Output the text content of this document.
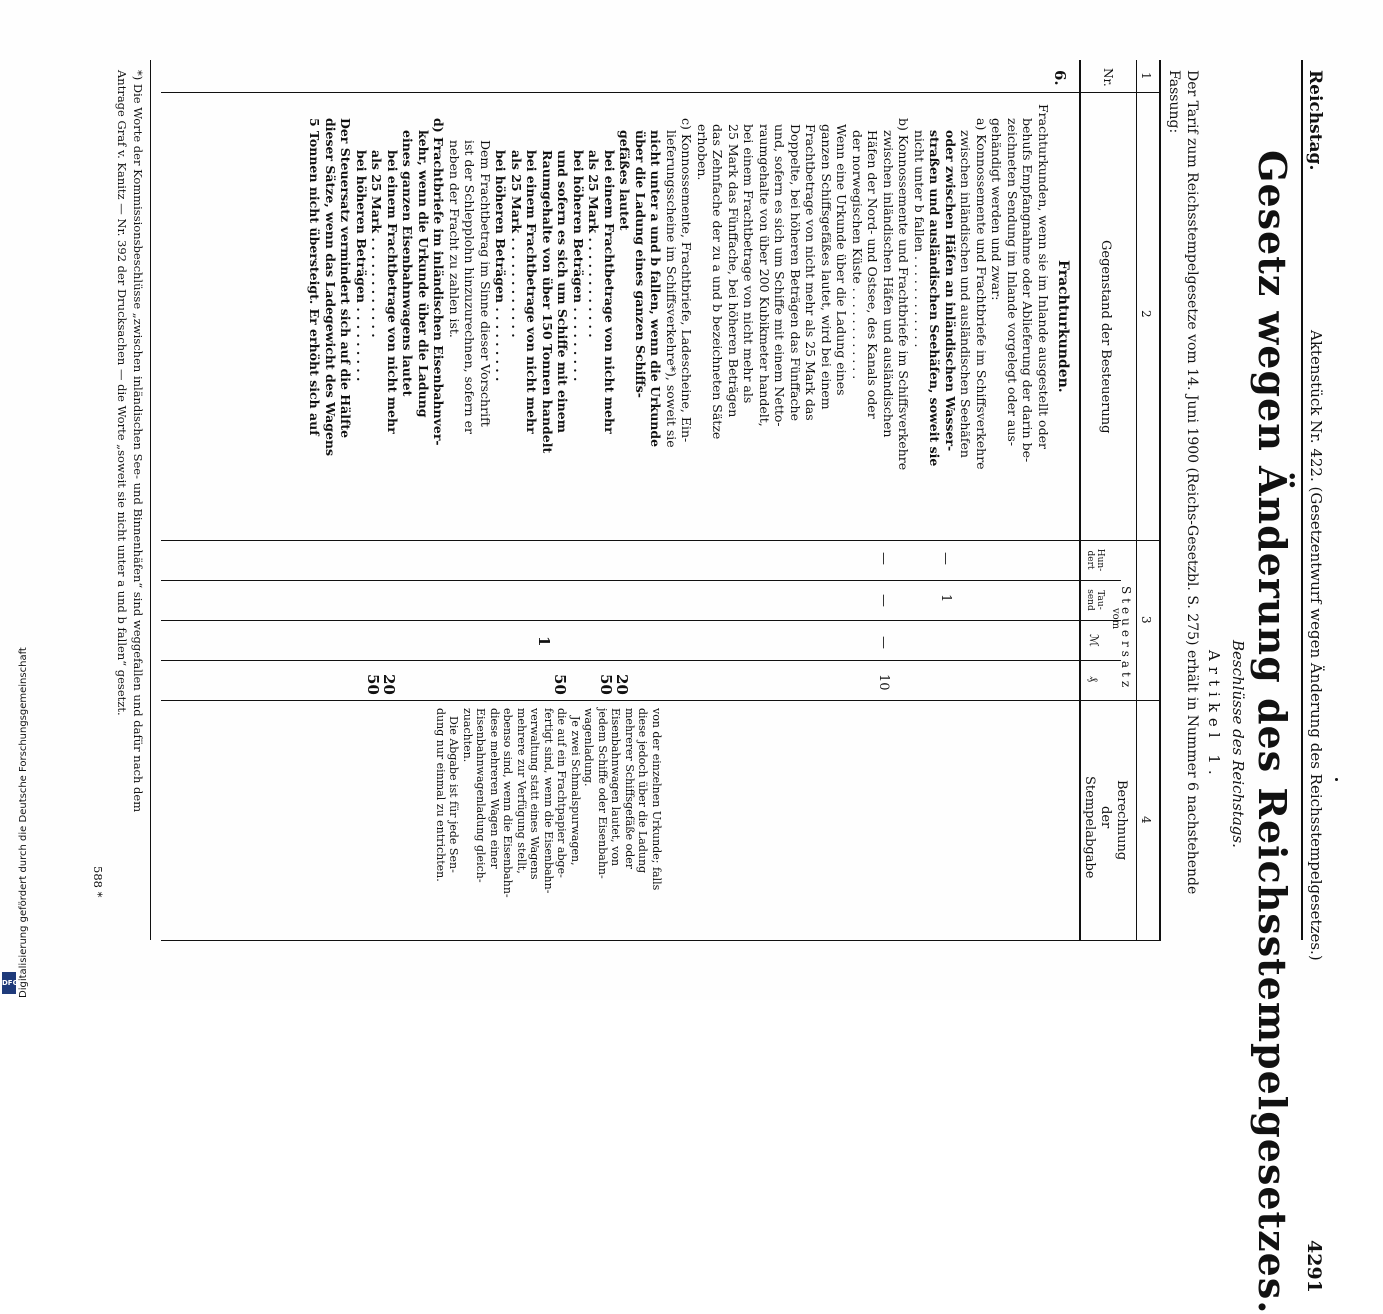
Digitalisierung gefördert durch die Deutsche Forschungsgemeinschaft
DFG
Reichstag.
Aktenstück Nr. 422. (Gesetzentwurf wegen Änderung des Reichsstempelgesetzes.)
4291
Gesetz wegen Änderung des Reichsstempelgesetzes.
Beschlüsse des Reichstags.
Artikel 1.
Der Tarif zum Reichsstempelgesetze vom 14. Juni 1900 (Reichs-Gesetzbl. S. 275) erhält in Nummer 6 nachstehende Fassung:
1
2
3
4
Nr.
Gegenstand der Besteuerung
Steuersatz
vom
Hun-dert
Tau-send
ℳ
₰
Berechnung
der
Stempelabgabe
6.
Frachturkunden.
Frachturkunden, wenn sie im Inlande ausgestellt oder
behufs Empfangnahme oder Ablieferung der darin be-
zeichneten Sendung im Inlande vorgelegt oder aus-
gehändigt werden und zwar:
a) Konnossemente und Frachtbriefe im Schiffsverkehre
zwischen inländischen und ausländischen Seehäfen
oder zwischen Häfen an inländischen Wasser-
straßen und ausländischen Seehäfen, soweit sie
nicht unter b fallen . . . . . . . . . . . .
b) Konnossemente und Frachtbriefe im Schiffsverkehre
zwischen inländischen Häfen und ausländischen
Häfen der Nord- und Ostsee, des Kanals oder
der norwegischen Küste . . . . . . . . . . . .
Wenn eine Urkunde über die Ladung eines
ganzen Schiffsgefäßes lautet, wird bei einem
Frachtbetrage von nicht mehr als 25 Mark das
Doppelte, bei höheren Beträgen das Fünffache
und, sofern es sich um Schiffe mit einem Netto-
raumgehalte von über 200 Kubikmeter handelt,
bei einem Frachtbetrage von nicht mehr als
25 Mark das Fünffache, bei höheren Beträgen
das Zehnfache der zu a und b bezeichneten Sätze
erhoben.
c) Konnossemente, Frachtbriefe, Ladescheine, Ein-
lieferungsscheine im Schiffsverkehre*), soweit sie
nicht unter a und b fallen, wenn die Urkunde
über die Ladung eines ganzen Schiffs-
gefäßes lautet
bei einem Frachtbetrage von nicht mehr
als 25 Mark . . . . . . . . . . . .
bei höheren Beträgen . . . . . . . . .
und sofern es sich um Schiffe mit einem
Raumgehalte von über 150 Tonnen handelt
bei einem Frachtbetrage von nicht mehr
als 25 Mark . . . . . . . . . . . .
bei höheren Beträgen . . . . . . . . .
Dem Frachtbetrag im Sinne dieser Vorschrift
ist der Schlepplohn hinzuzurechnen, sofern er
neben der Fracht zu zahlen ist.
d) Frachtbriefe im inländischen Eisenbahnver-
kehr, wenn die Urkunde über die Ladung
eines ganzen Eisenbahnwagens lautet
bei einem Frachtbetrage von nicht mehr
als 25 Mark . . . . . . . . . . . .
bei höheren Beträgen . . . . . . . . .
Der Steuersatz vermindert sich auf die Hälfte
dieser Sätze, wenn das Ladegewicht des Wagens
5 Tonnen nicht übersteigt. Er erhöht sich auf
—
1
—
—
—
10
20
50
50
1
20
50
von der einzelnen Urkunde; falls
diese jedoch über die Ladung
mehrerer Schiffsgefäße oder
Eisenbahnwagen lautet, von
jedem Schiffe oder Eisenbahn-
wagenladung.
Je zwei Schmalspurwagen,
die auf ein Frachtpapier abge-
fertigt sind, wenn die Eisenbahn-
verwaltung statt eines Wagens
mehrere zur Verfügung stellt,
ebenso sind, wenn die Eisenbahn-
diese mehreren Wagen einer
Eisenbahnwagenladung gleich-
zuachten.
Die Abgabe ist für jede Sen-
dung nur einmal zu entrichten.
*) Die Worte der Kommissionsbeschlüsse „zwischen inländischen See- und Binnenhäfen“ sind weggefallen und dafür nach dem
Antrage Graf v. Kanitz — Nr. 392 der Drucksachen — die Worte „soweit sie nicht unter a und b fallen“ gesetzt.
588 *
